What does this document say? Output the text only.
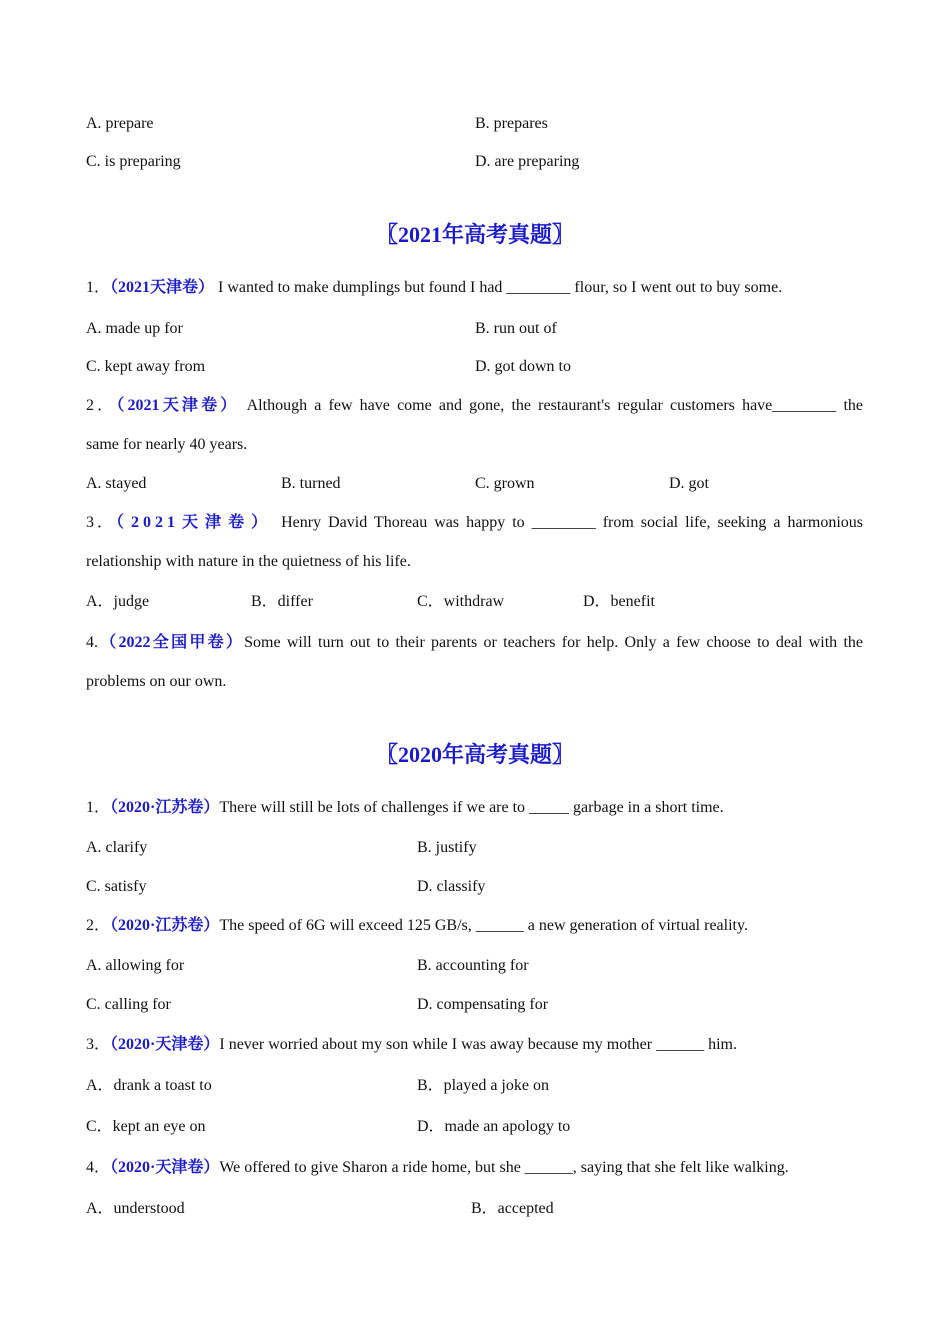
A. prepare	B. prepares
C. is preparing	D. are preparing
〖2021年高考真题〗
1．（2021天津卷） I wanted to make dumplings but found I had ________ flour, so I went out to buy some.
A. made up for	B. run out of
C. kept away from	D. got down to
2．（2021天津卷） Although a few have come and gone, the restaurant's regular customers have________ the
same for nearly 40 years.
A. stayed	B. turned	C. grown	D. got
3．（2021天津卷） Henry David Thoreau was happy to ________ from social life, seeking a harmonious
relationship with nature in the quietness of his life.
A．judge	B．differ	C．withdraw	D．benefit
4.（2022全国甲卷）Some will turn out to their parents or teachers for help. Only a few choose to deal with the
problems on our own.
〖2020年高考真题〗
1．（2020·江苏卷）There will still be lots of challenges if we are to _____ garbage in a short time.
A. clarify	B. justify
C. satisfy	D. classify
2．（2020·江苏卷）The speed of 6G will exceed 125 GB/s, ______ a new generation of virtual reality.
A. allowing for	B. accounting for
C. calling for	D. compensating for
3．（2020·天津卷）I never worried about my son while I was away because my mother ______ him.
A．drank a toast to	B．played a joke on
C．kept an eye on	D．made an apology to
4．（2020·天津卷）We offered to give Sharon a ride home, but she ______, saying that she felt like walking.
A．understood	B．accepted
